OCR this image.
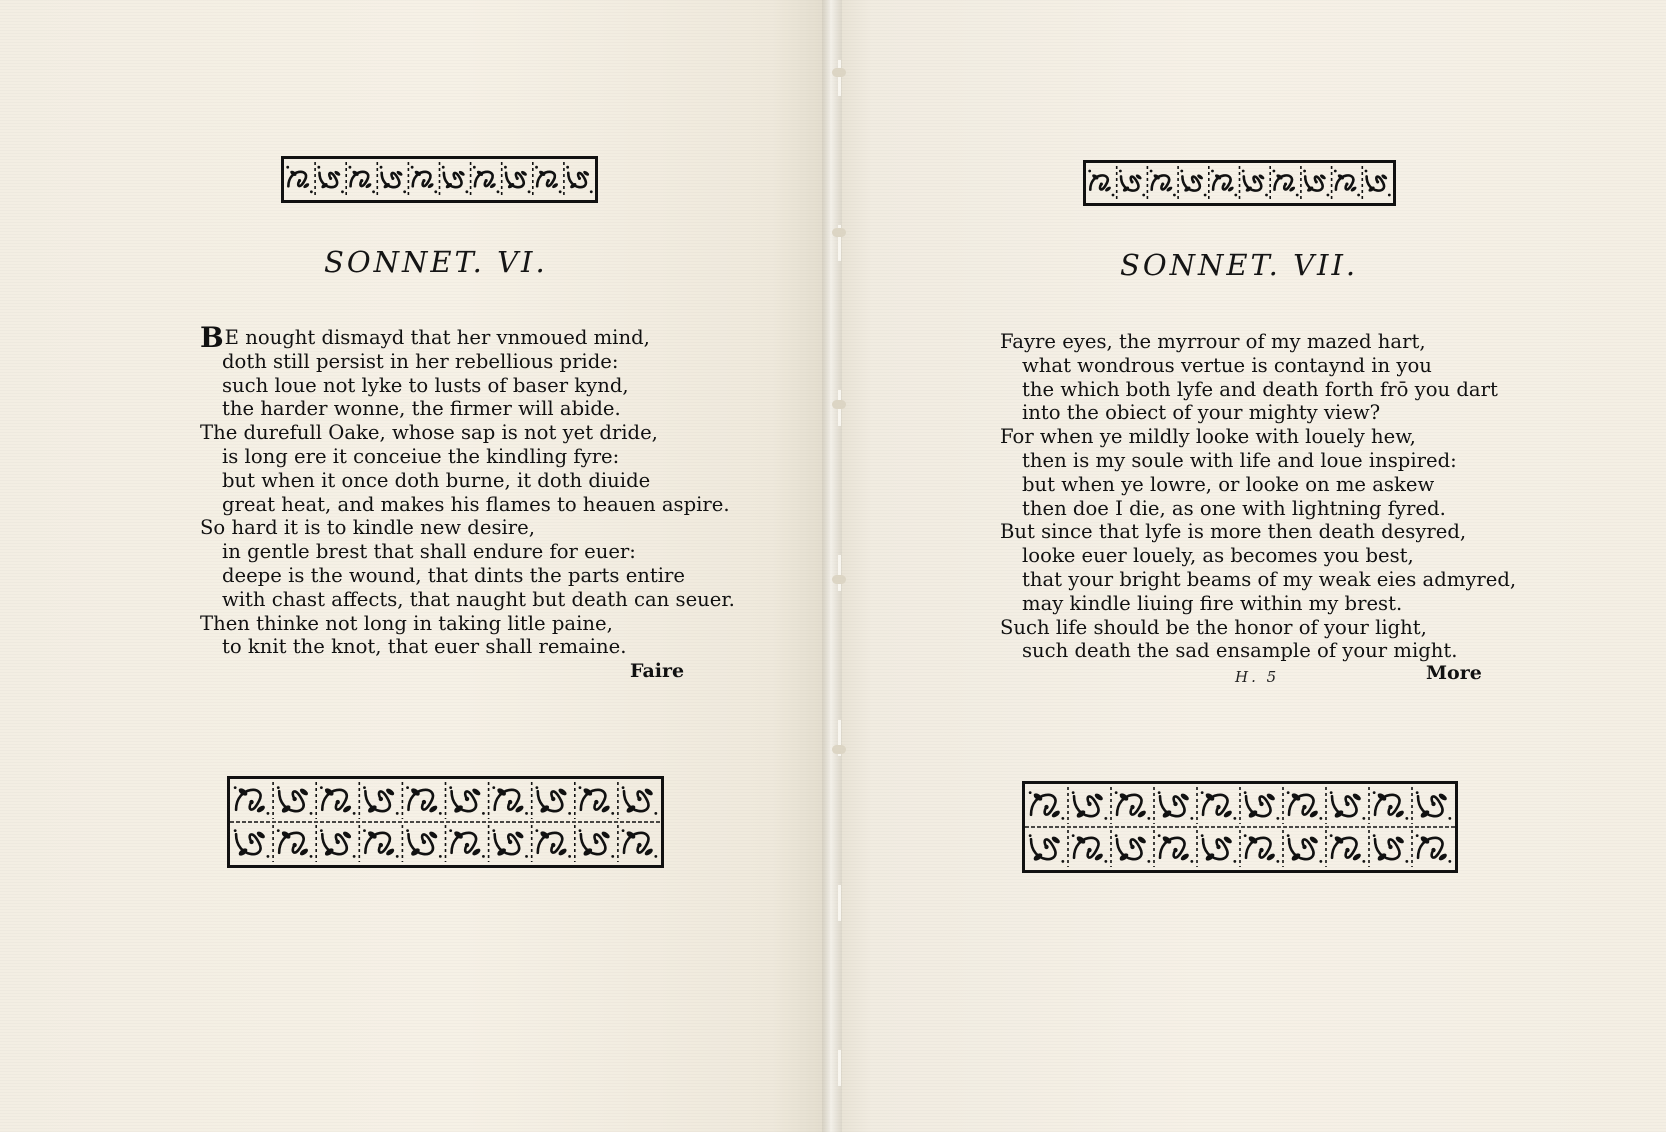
SONNET. VI.

BE nought dismayd that her vnmoued mind,

doth still persist in her rebellious pride:

such loue not lyke to lusts of baser kynd,

the harder wonne, the firmer will abide.

The durefull Oake, whose sap is not yet dride,

is long ere it conceiue the kindling fyre:

but when it once doth burne, it doth diuide

great heat, and makes his flames to heauen aspire.

So hard it is to kindle new desire,

in gentle brest that shall endure for euer:

deepe is the wound, that dints the parts entire

with chast affects, that naught but death can seuer.

Then thinke not long in taking litle paine,

to knit the knot, that euer shall remaine.

Faire

SONNET. VII.

Fayre eyes, the myrrour of my mazed hart,

what wondrous vertue is contaynd in you

the which both lyfe and death forth frō you dart

into the obiect of your mighty view?

For when ye mildly looke with louely hew,

then is my soule with life and loue inspired:

but when ye lowre, or looke on me askew

then doe I die, as one with lightning fyred.

But since that lyfe is more then death desyred,

looke euer louely, as becomes you best,

that your bright beams of my weak eies admyred,

may kindle liuing fire within my brest.

Such life should be the honor of your light,

such death the sad ensample of your might.

H. 5	More
